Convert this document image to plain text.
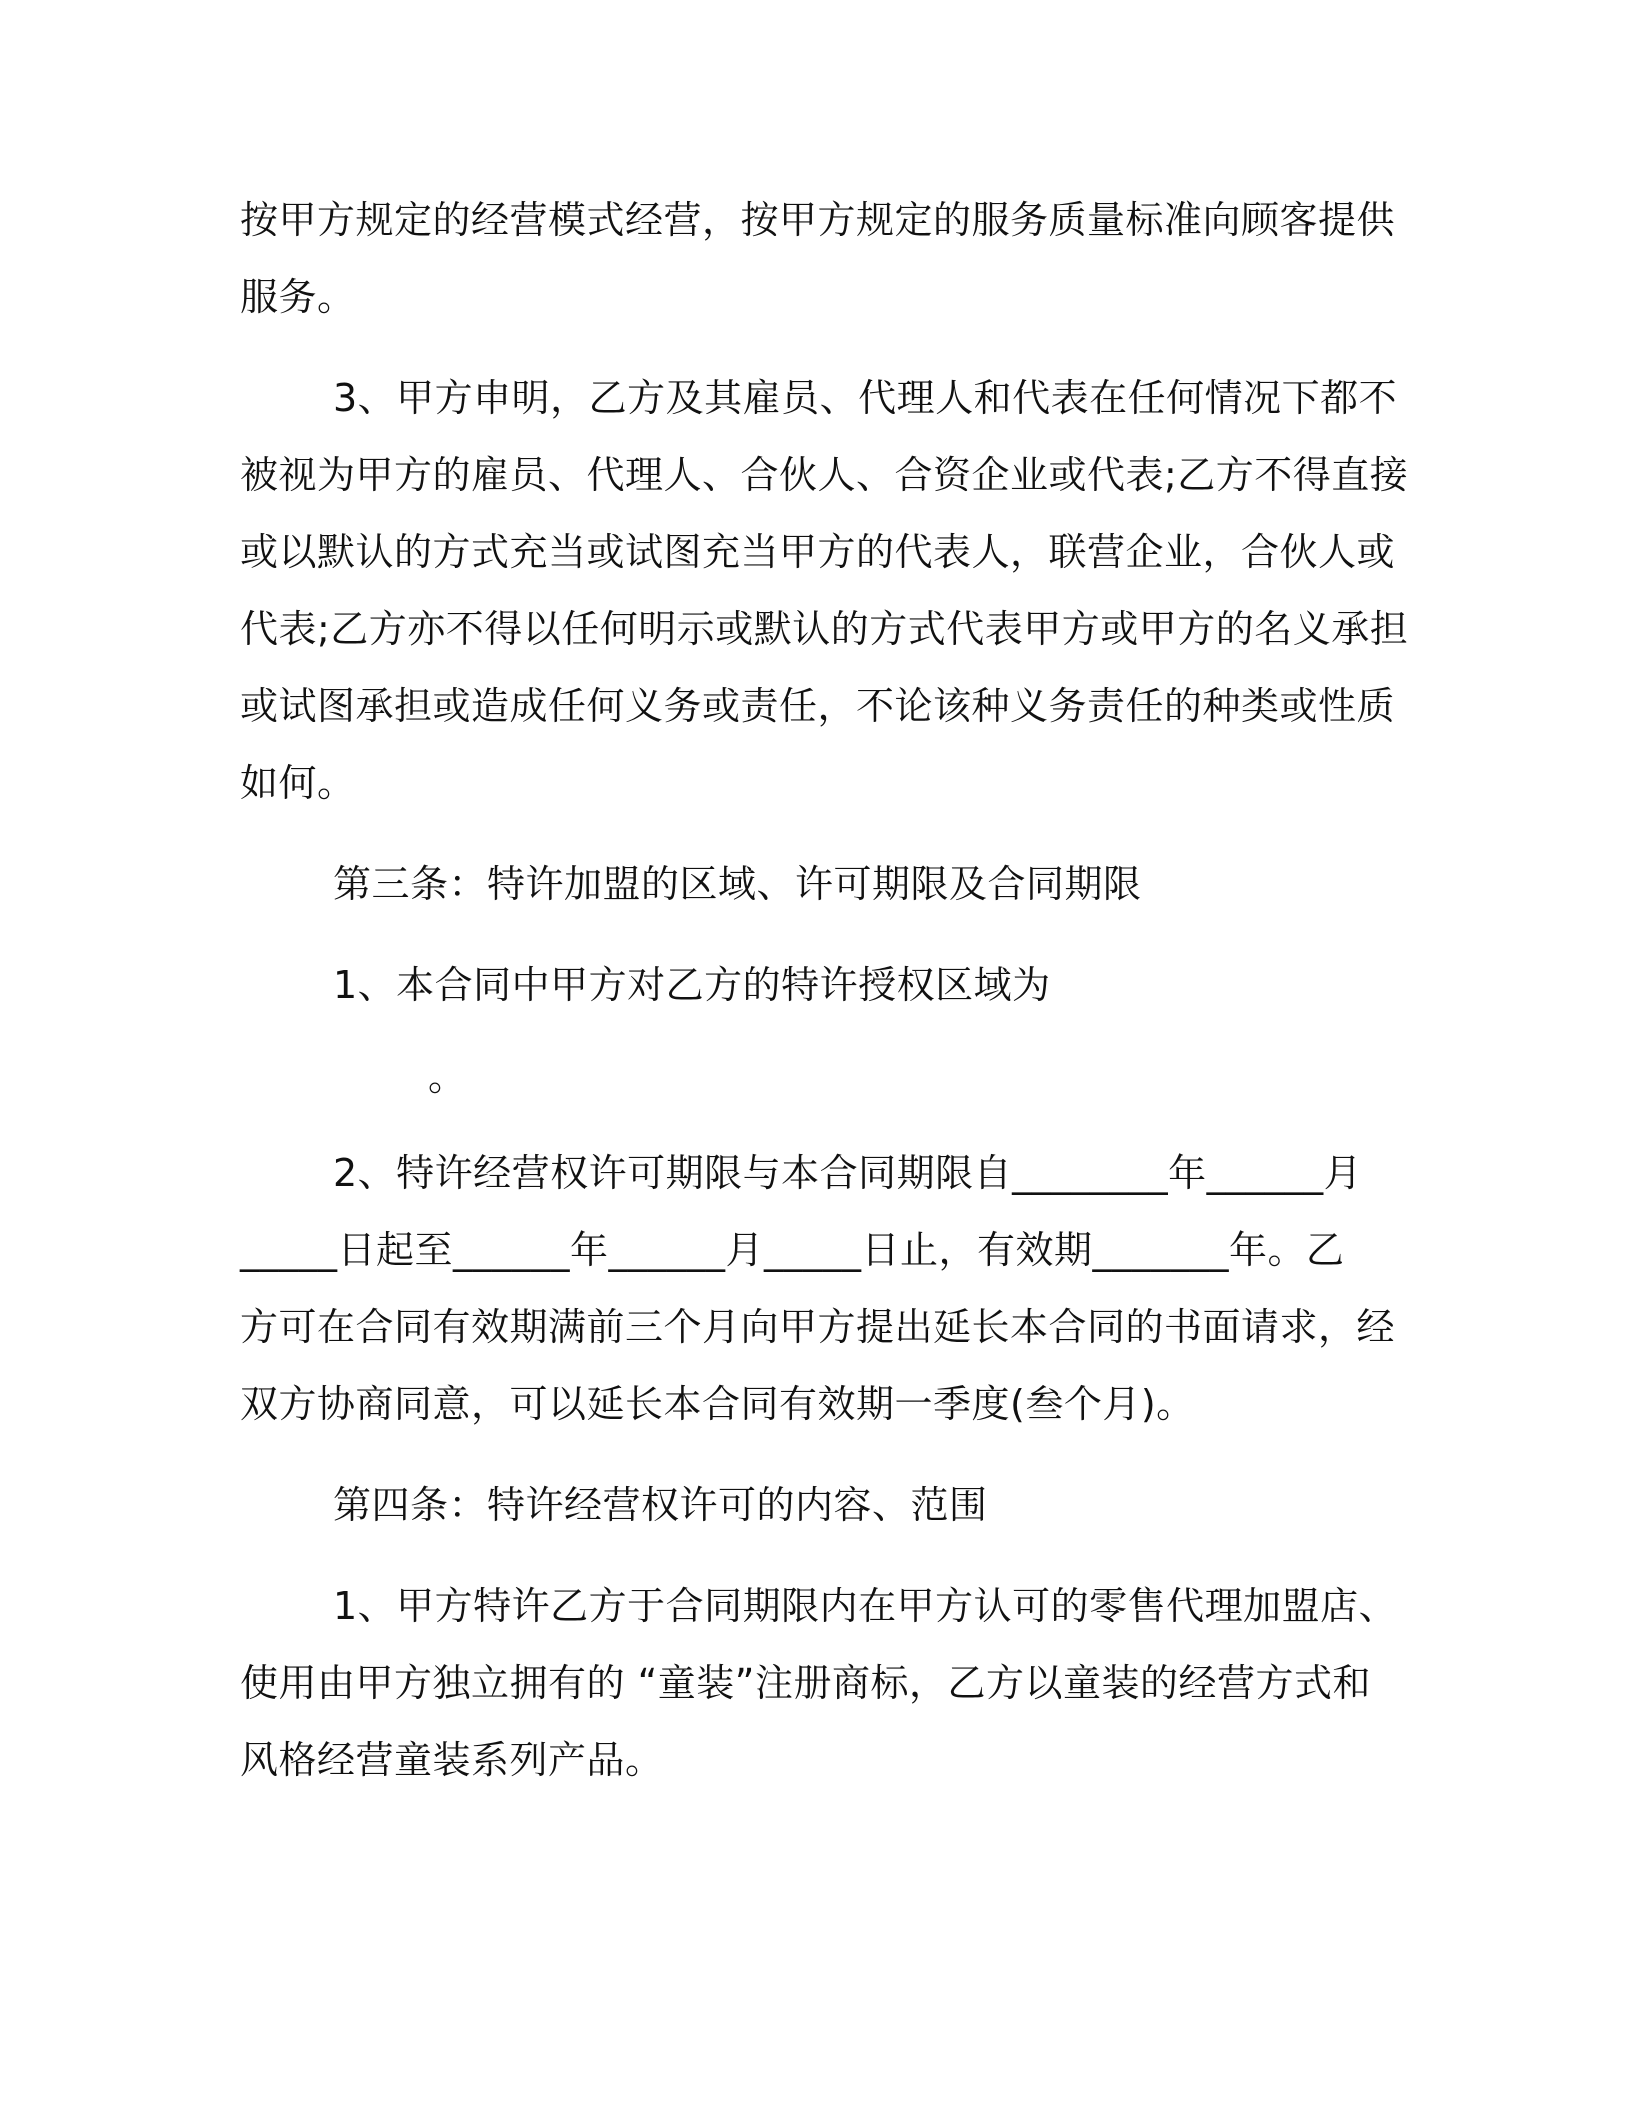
按甲方规定的经营模式经营，按甲方规定的服务质量标准向顾客提供
服务。
3、甲方申明，乙方及其雇员、代理人和代表在任何情况下都不
被视为甲方的雇员、代理人、合伙人、合资企业或代表;乙方不得直接
或以默认的方式充当或试图充当甲方的代表人，联营企业，合伙人或
代表;乙方亦不得以任何明示或默认的方式代表甲方或甲方的名义承担
或试图承担或造成任何义务或责任，不论该种义务责任的种类或性质
如何。
第三条：特许加盟的区域、许可期限及合同期限
1、本合同中甲方对乙方的特许授权区域为
。
2、特许经营权许可期限与本合同期限自________年______月
_____日起至______年______月_____日止，有效期_______年。乙
方可在合同有效期满前三个月向甲方提出延长本合同的书面请求，经
双方协商同意，可以延长本合同有效期一季度(叁个月)。
第四条：特许经营权许可的内容、范围
1、甲方特许乙方于合同期限内在甲方认可的零售代理加盟店、
使用由甲方独立拥有的 “童装”注册商标，乙方以童装的经营方式和
风格经营童装系列产品。
